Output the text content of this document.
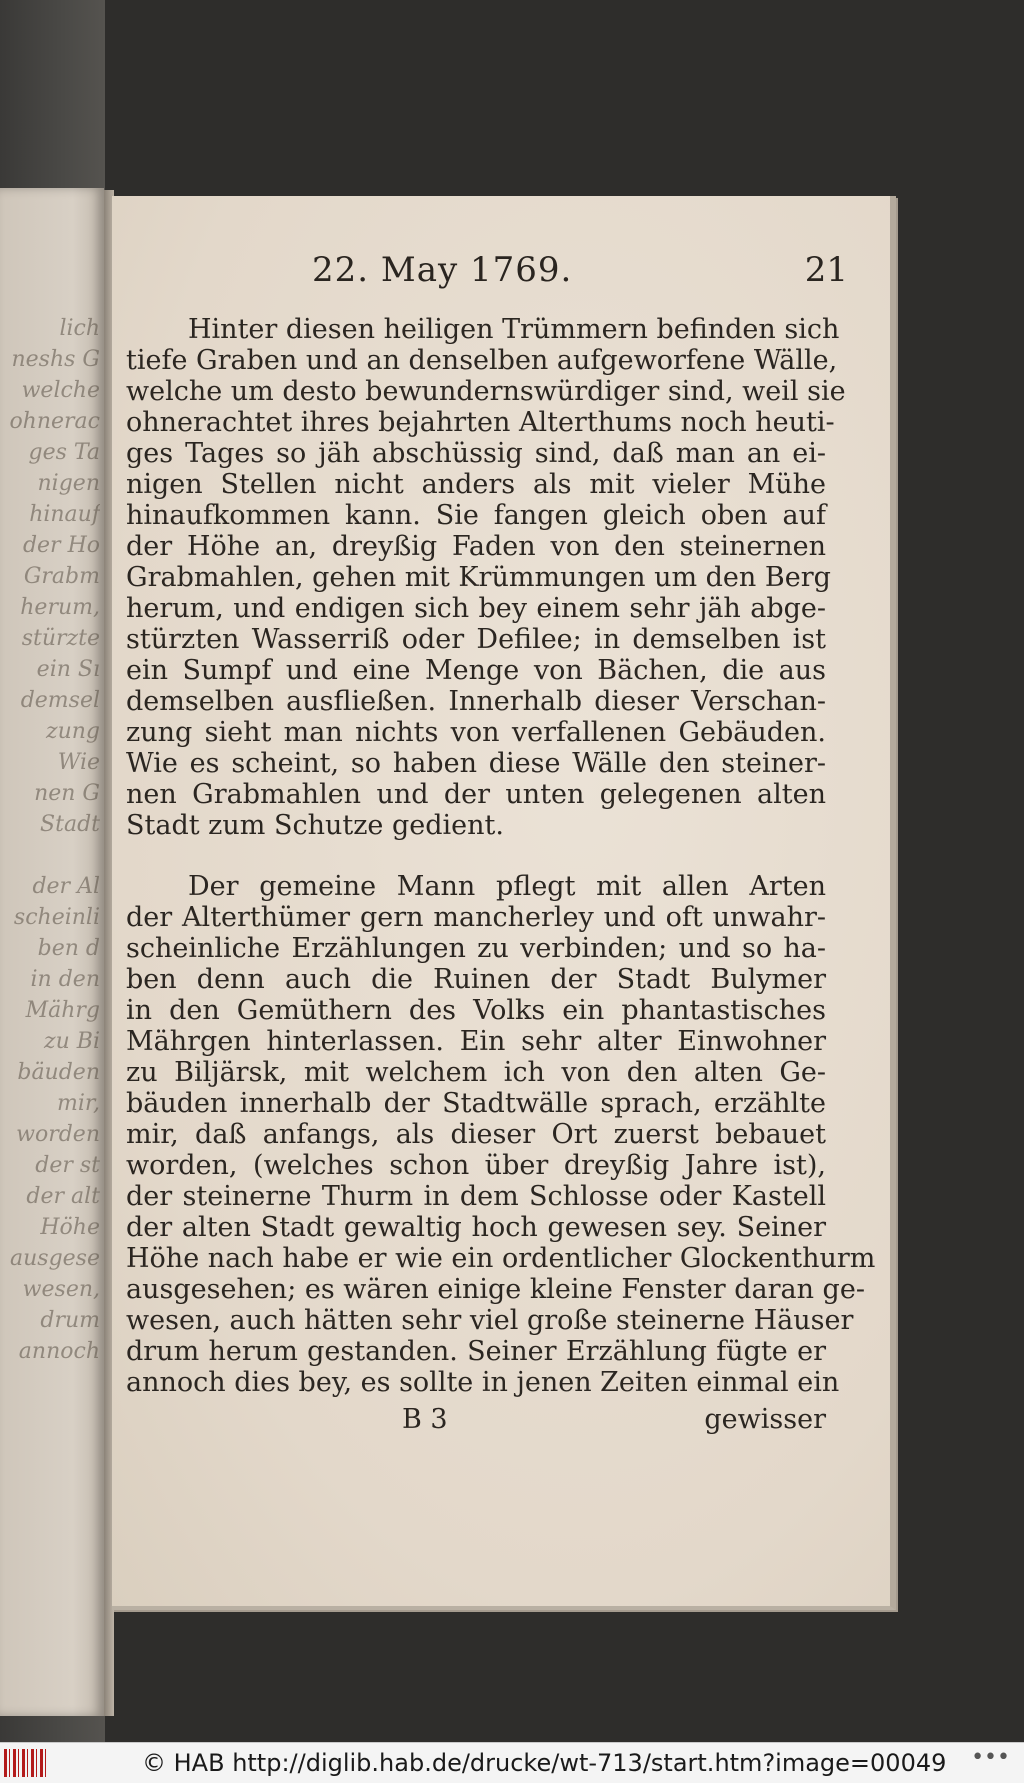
lich
neshs G
welche
ohnerac
ges Ta
nigen
hinauf
der Ho
Grabm
herum,
stürzte
ein Sı
demsel
zung
Wie
nen G
Stadt
der Al
scheinli
ben d
in den
Mährg
zu Bi
bäuden
mir,
worden
der st
der alt
Höhe
ausgese
wesen,
drum
annoch
22. May 1769.	21
Hinter diesen heiligen Trümmern befinden sich
tiefe Graben und an denselben aufgeworfene Wälle,
welche um desto bewundernswürdiger sind, weil sie
ohnerachtet ihres bejahrten Alterthums noch heuti-
ges Tages so jäh abschüssig sind, daß man an ei-
nigen Stellen nicht anders als mit vieler Mühe
hinaufkommen kann. Sie fangen gleich oben auf
der Höhe an, dreyßig Faden von den steinernen
Grabmahlen, gehen mit Krümmungen um den Berg
herum, und endigen sich bey einem sehr jäh abge-
stürzten Wasserriß oder Defilee; in demselben ist
ein Sumpf und eine Menge von Bächen, die aus
demselben ausfließen. Innerhalb dieser Verschan-
zung sieht man nichts von verfallenen Gebäuden.
Wie es scheint, so haben diese Wälle den steiner-
nen Grabmahlen und der unten gelegenen alten
Stadt zum Schutze gedient.
Der gemeine Mann pflegt mit allen Arten
der Alterthümer gern mancherley und oft unwahr-
scheinliche Erzählungen zu verbinden; und so ha-
ben denn auch die Ruinen der Stadt Bulymer
in den Gemüthern des Volks ein phantastisches
Mährgen hinterlassen. Ein sehr alter Einwohner
zu Biljärsk, mit welchem ich von den alten Ge-
bäuden innerhalb der Stadtwälle sprach, erzählte
mir, daß anfangs, als dieser Ort zuerst bebauet
worden, (welches schon über dreyßig Jahre ist),
der steinerne Thurm in dem Schlosse oder Kastell
der alten Stadt gewaltig hoch gewesen sey. Seiner
Höhe nach habe er wie ein ordentlicher Glockenthurm
ausgesehen; es wären einige kleine Fenster daran ge-
wesen, auch hätten sehr viel große steinerne Häuser
drum herum gestanden. Seiner Erzählung fügte er
annoch dies bey, es sollte in jenen Zeiten einmal ein
B 3	gewisser
© HAB http://diglib.hab.de/drucke/wt-713/start.htm?image=00049 •••
